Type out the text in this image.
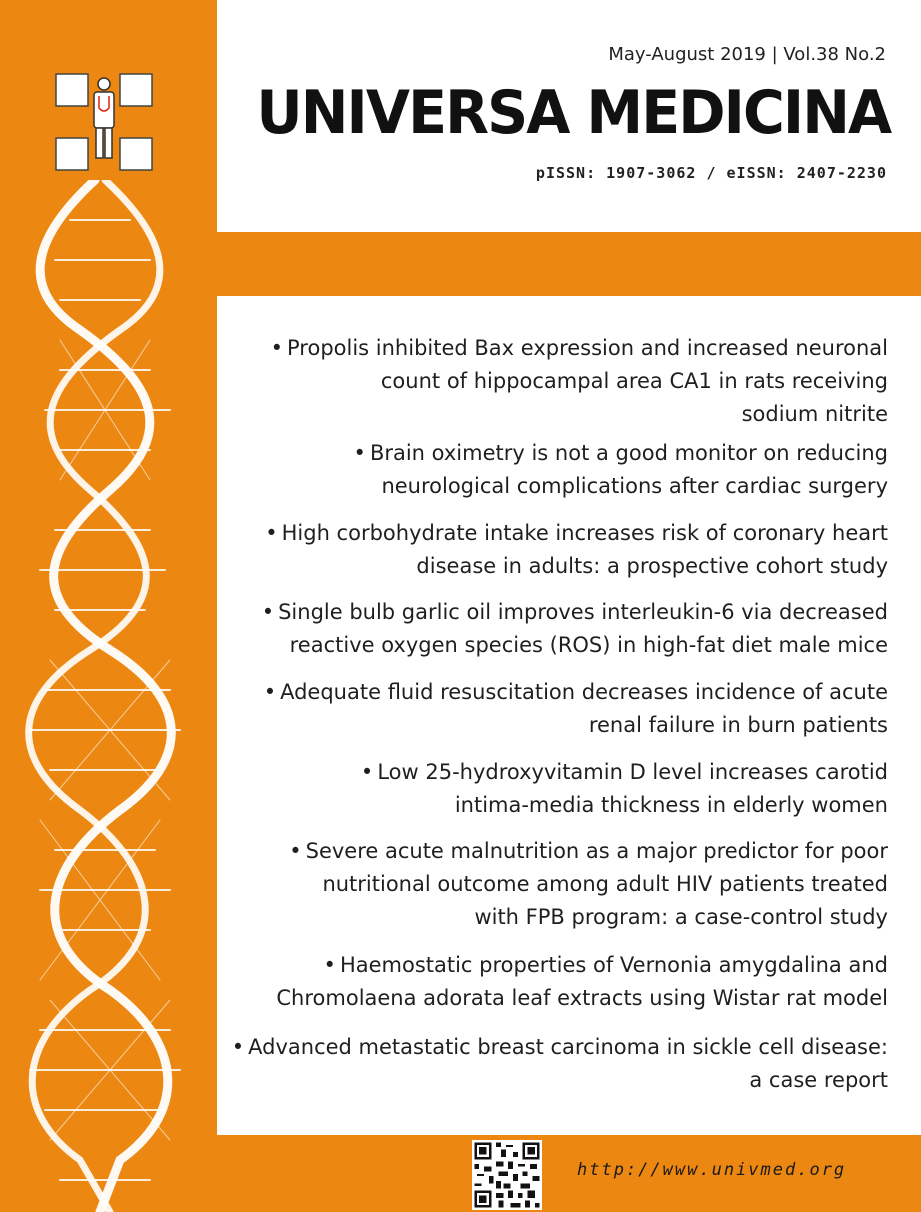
May-August 2019 | Vol.38 No.2
UNIVERSA MEDICINA
pISSN: 1907-3062 / eISSN: 2407-2230
• Propolis inhibited Bax expression and increased neuronal
count of hippocampal area CA1 in rats receiving
sodium nitrite
• Brain oximetry is not a good monitor on reducing
neurological complications after cardiac surgery
• High corbohydrate intake increases risk of coronary heart
disease in adults: a prospective cohort study
• Single bulb garlic oil improves interleukin-6 via decreased
reactive oxygen species (ROS) in high-fat diet male mice
• Adequate fluid resuscitation decreases incidence of acute
renal failure in burn patients
• Low 25-hydroxyvitamin D level increases carotid
intima-media thickness in elderly women
• Severe acute malnutrition as a major predictor for poor
nutritional outcome among adult HIV patients treated
with FPB program: a case-control study
• Haemostatic properties of Vernonia amygdalina and
Chromolaena adorata leaf extracts using Wistar rat model
• Advanced metastatic breast carcinoma in sickle cell disease:
a case report
http://www.univmed.org
